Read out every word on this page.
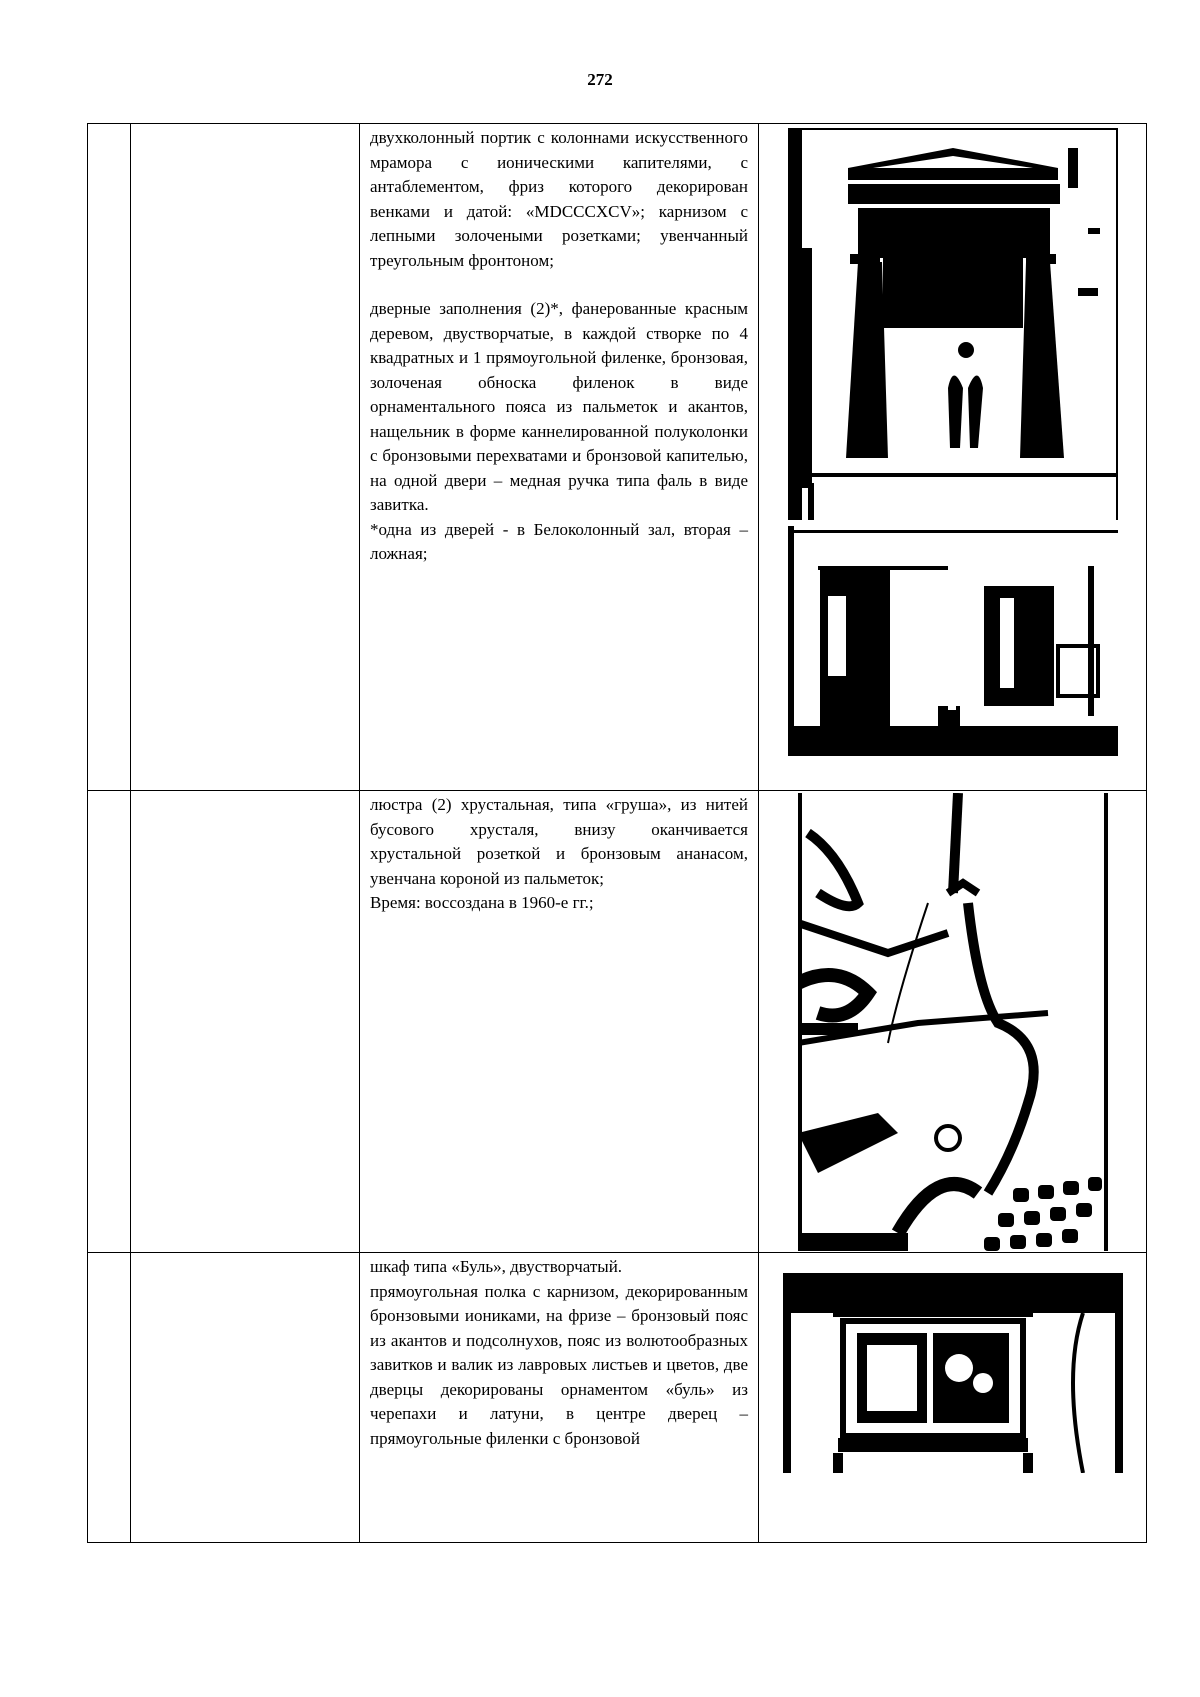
272

		двухколонный портик с колоннами искусственного мрамора с ионическими капителями, с антаблементом, фриз которого декорирован венками и датой: «MDCCCXCV»; карнизом с лепными золочеными розетками; увенчанный треугольным фронтоном;

дверные заполнения (2)*, фанерованные красным деревом, двустворчатые, в каждой створке по 4 квадратных и 1 прямоугольной филенке, бронзовая, золоченая обноска филенок в виде орнаментального пояса из пальметок и акантов, нащельник в форме каннелированной полуколонки с бронзовыми перехватами и бронзовой капителью, на одной двери – медная ручка типа фаль в виде завитка.

*одна из дверей - в Белоколонный зал, вторая – ложная;

		люстра (2) хрустальная, типа «груша», из нитей бусового хрусталя, внизу оканчивается хрустальной розеткой и бронзовым ананасом, увенчана короной из пальметок;

Время: воссоздана в 1960-е гг.;

		шкаф типа «Буль», двустворчатый.

прямоугольная полка с карнизом, декорированным бронзовыми иониками, на фризе – бронзовый пояс из акантов и подсолнухов, пояс из волютообразных завитков и валик из лавровых листьев и цветов, две дверцы декорированы орнаментом «буль» из черепахи и латуни, в центре дверец – прямоугольные филенки с бронзовой
